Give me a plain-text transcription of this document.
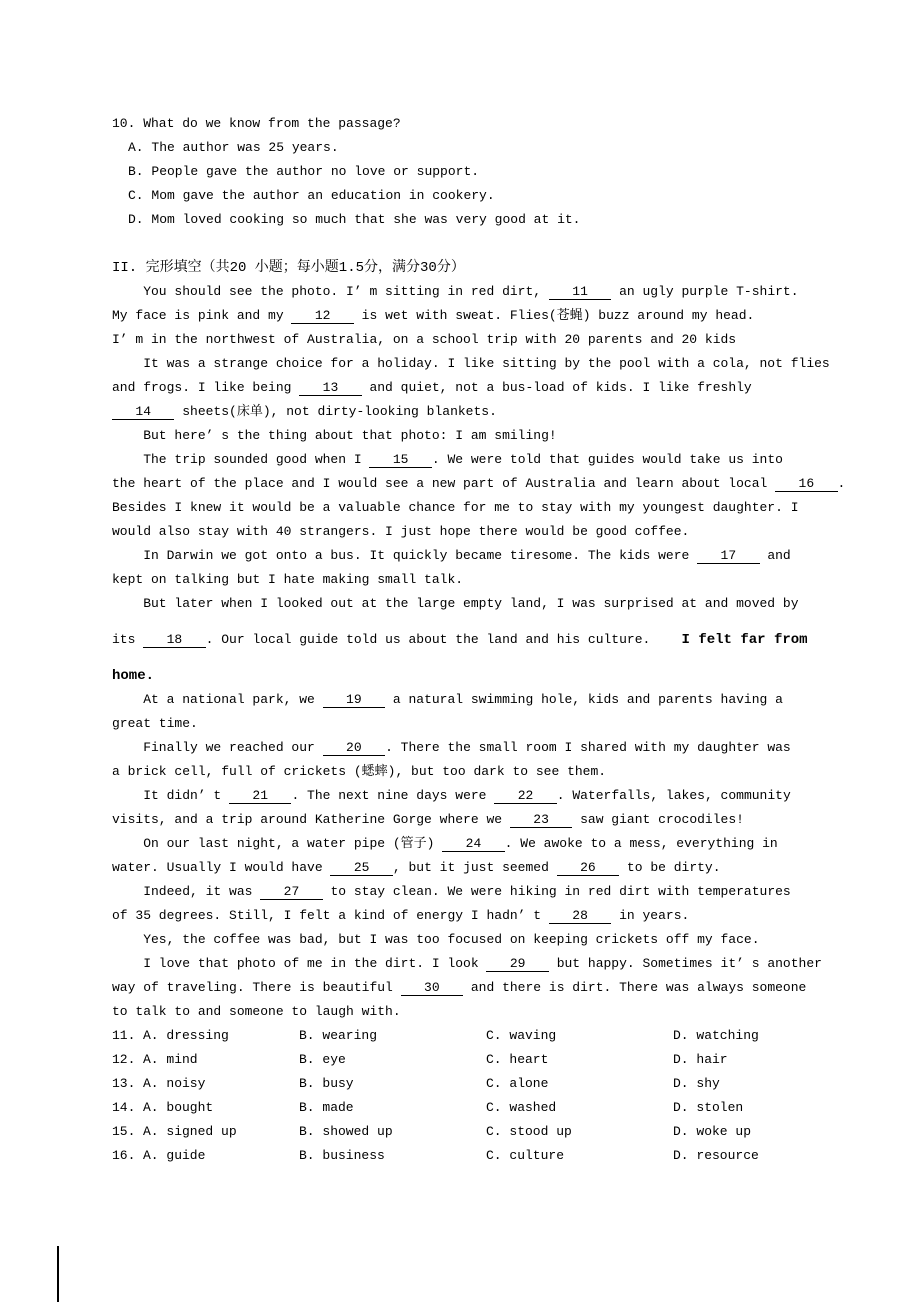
10. What do we know from the passage?
A. The author was 25 years.
B. People gave the author no love or support.
C. Mom gave the author an education in cookery.
D. Mom loved cooking so much that she was very good at it.
II. 完形填空（共20 小题；每小题1.5分，满分30分）
You should see the photo. I’ m sitting in red dirt,    11    an ugly purple T-shirt.
My face is pink and my    12    is wet with sweat. Flies(苍蝇) buzz around my head.
I’ m in the northwest of Australia, on a school trip with 20 parents and 20 kids
It was a strange choice for a holiday. I like sitting by the pool with a cola, not flies
and frogs. I like being    13    and quiet, not a bus-load of kids. I like freshly
14    sheets(床单), not dirty-looking blankets.
But here’ s the thing about that photo: I am smiling!
The trip sounded good when I    15   . We were told that guides would take us into
the heart of the place and I would see a new part of Australia and learn about local    16   .
Besides I knew it would be a valuable chance for me to stay with my youngest daughter. I
would also stay with 40 strangers. I just hope there would be good coffee.
In Darwin we got onto a bus. It quickly became tiresome. The kids were    17    and
kept on talking but I hate making small talk.
But later when I looked out at the large empty land, I was surprised at and moved by
its    18   . Our local guide told us about the land and his culture.    I felt far from
home.
At a national park, we    19    a natural swimming hole, kids and parents having a
great time.
Finally we reached our    20   . There the small room I shared with my daughter was
a brick cell, full of crickets (蟋蟀), but too dark to see them.
It didn’ t    21   . The next nine days were    22   . Waterfalls, lakes, community
visits, and a trip around Katherine Gorge where we    23    saw giant crocodiles!
On our last night, a water pipe (管子)    24   . We awoke to a mess, everything in
water. Usually I would have    25   , but it just seemed    26    to be dirty.
Indeed, it was    27    to stay clean. We were hiking in red dirt with temperatures
of 35 degrees. Still, I felt a kind of energy I hadn’ t    28    in years.
Yes, the coffee was bad, but I was too focused on keeping crickets off my face.
I love that photo of me in the dirt. I look    29    but happy. Sometimes it’ s another
way of traveling. There is beautiful    30    and there is dirt. There was always someone
to talk to and someone to laugh with.
11. A. dressing	B. wearing	C. waving	D. watching
12. A. mind	B. eye	C. heart	D. hair
13. A. noisy	B. busy	C. alone	D. shy
14. A. bought	B. made	C. washed	D. stolen
15. A. signed up	B. showed up	C. stood up	D. woke up
16. A. guide	B. business	C. culture	D. resource
